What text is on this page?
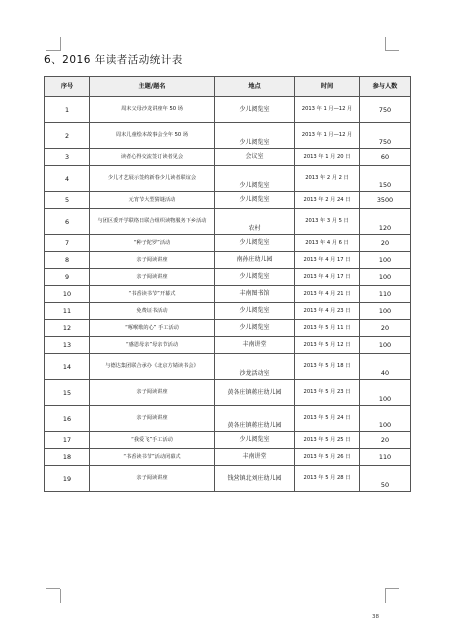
6、2016 年读者活动统计表
序号	主题/题名	地点	时间	参与人数
1	周末父母沙龙讲座年 50 场	少儿阅览室	2013 年 1 月—12 月	750
2	周末儿童绘本故事会全年 50 场	少儿阅览室	2013 年 1 月—12 月	750
3	读者心得交流签订读者见会	会议室	2013 年 1 月 20 日	60
4	少儿才艺展示签约新春少儿读者联谊会	少儿阅览室	2013 年 2 月 2 日	150
5	元宵节大型猜谜活动	少儿阅览室	2013 年 2 月 24 日	3500
6	与团区委开学联络日联合组织读物服务下乡活动	农村	2013 年 3 月 5 日	120
7	“种子陀罗”活动	少儿阅览室	2013 年 4 月 6 日	20
8	亲子阅读讲座	南孙庄幼儿园	2013 年 4 月 17 日	100
9	亲子阅读讲座	少儿阅览室	2013 年 4 月 17 日	100
10	“书香读书节”开幕式	丰南图书馆	2013 年 4 月 21 日	110
11	免费证书活动	少儿阅览室	2013 年 4 月 23 日	100
12	“啄喉歌的心” 手工活动	少儿阅览室	2013 年 5 月 11 日	20
13	“感恩母亲”母亲节活动	丰南讲堂	2013 年 5 月 12 日	100
14	与德达集团联合承办《北京方婧读书会》	沙龙活动室	2013 年 5 月 18 日	40
15	亲子阅读讲座	黄各庄镇蒋庄幼儿园	2013 年 5 月 23 日	100
16	亲子阅读讲座	黄各庄镇蒋庄幼儿园	2013 年 5 月 24 日	100
17	“我爱飞”手工活动	少儿阅览室	2013 年 5 月 25 日	20
18	“书香读书节”活动闭幕式	丰南讲堂	2013 年 5 月 26 日	110
19	亲子阅读讲座	钱营镇北刘庄幼儿园	2013 年 5 月 28 日	50
38
